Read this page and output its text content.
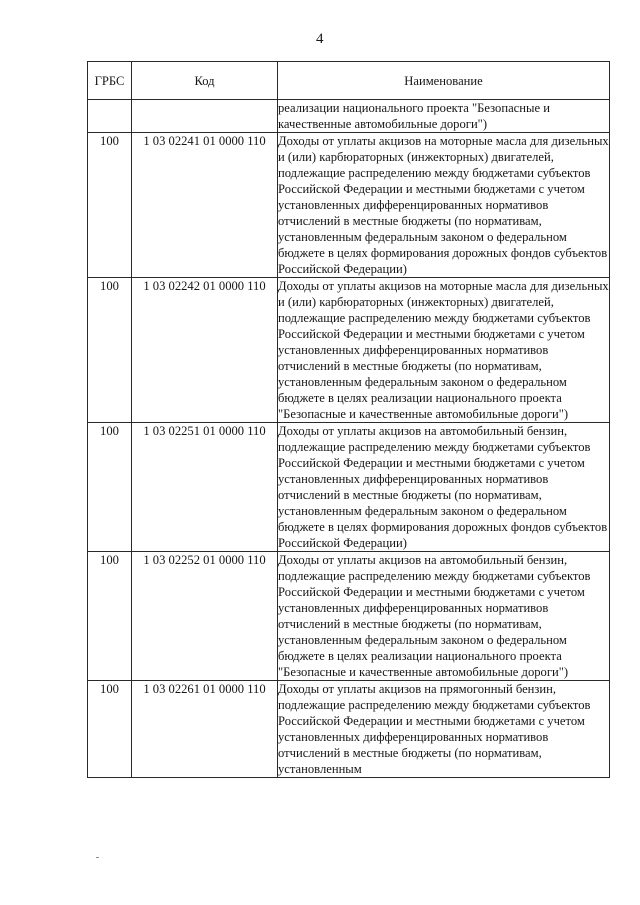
4
ГРБС	Код	Наименование
		реализации национального проекта "Безопасные и качественные автомобильные дороги")
100	1 03 02241 01 0000 110	Доходы от уплаты акцизов на моторные масла для дизельных и (или) карбюраторных (инжекторных) двигателей, подлежащие распределению между бюджетами субъектов Российской Федерации и местными бюджетами с учетом установленных дифференцированных нормативов отчислений в местные бюджеты (по нормативам, установленным федеральным законом о федеральном бюджете в целях формирования дорожных фондов субъектов Российской Федерации)
100	1 03 02242 01 0000 110	Доходы от уплаты акцизов на моторные масла для дизельных и (или) карбюраторных (инжекторных) двигателей, подлежащие распределению между бюджетами субъектов Российской Федерации и местными бюджетами с учетом установленных дифференцированных нормативов отчислений в местные бюджеты (по нормативам, установленным федеральным законом о федеральном бюджете в целях реализации национального проекта "Безопасные и качественные автомобильные дороги")
100	1 03 02251 01 0000 110	Доходы от уплаты акцизов на автомобильный бензин, подлежащие распределению между бюджетами субъектов Российской Федерации и местными бюджетами с учетом установленных дифференцированных нормативов отчислений в местные бюджеты (по нормативам, установленным федеральным законом о федеральном бюджете в целях формирования дорожных фондов субъектов Российской Федерации)
100	1 03 02252 01 0000 110	Доходы от уплаты акцизов на автомобильный бензин, подлежащие распределению между бюджетами субъектов Российской Федерации и местными бюджетами с учетом установленных дифференцированных нормативов отчислений в местные бюджеты (по нормативам, установленным федеральным законом о федеральном бюджете в целях реализации национального проекта "Безопасные и качественные автомобильные дороги")
100	1 03 02261 01 0000 110	Доходы от уплаты акцизов на прямогонный бензин, подлежащие распределению между бюджетами субъектов Российской Федерации и местными бюджетами с учетом установленных дифференцированных нормативов отчислений в местные бюджеты (по нормативам, установленным
